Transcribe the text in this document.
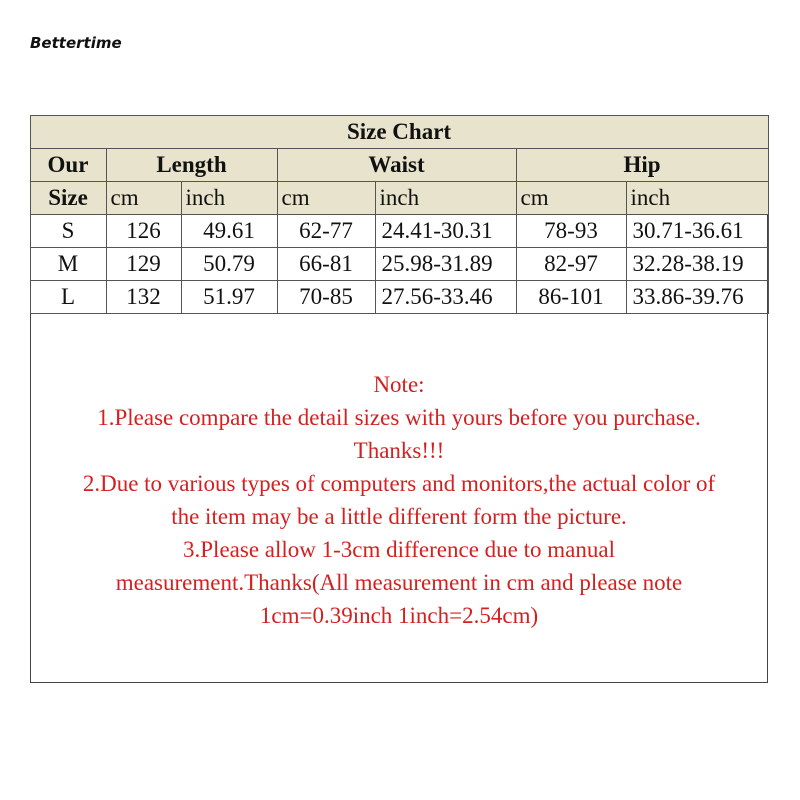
Bettertime
Size Chart						
Our	Length		Waist		Hip	
Size	cm	inch	cm	inch	cm	inch
S	126	49.61	62-77	24.41-30.31	78-93	30.71-36.61
M	129	50.79	66-81	25.98-31.89	82-97	32.28-38.19
L	132	51.97	70-85	27.56-33.46	86-101	33.86-39.76
Note:
1.Please compare the detail sizes with yours before you purchase.
Thanks!!!
2.Due to various types of computers and monitors,the actual color of
the item may be a little different form the picture.
3.Please allow 1-3cm difference due to manual
measurement.Thanks(All measurement in cm and please note
1cm=0.39inch 1inch=2.54cm)
